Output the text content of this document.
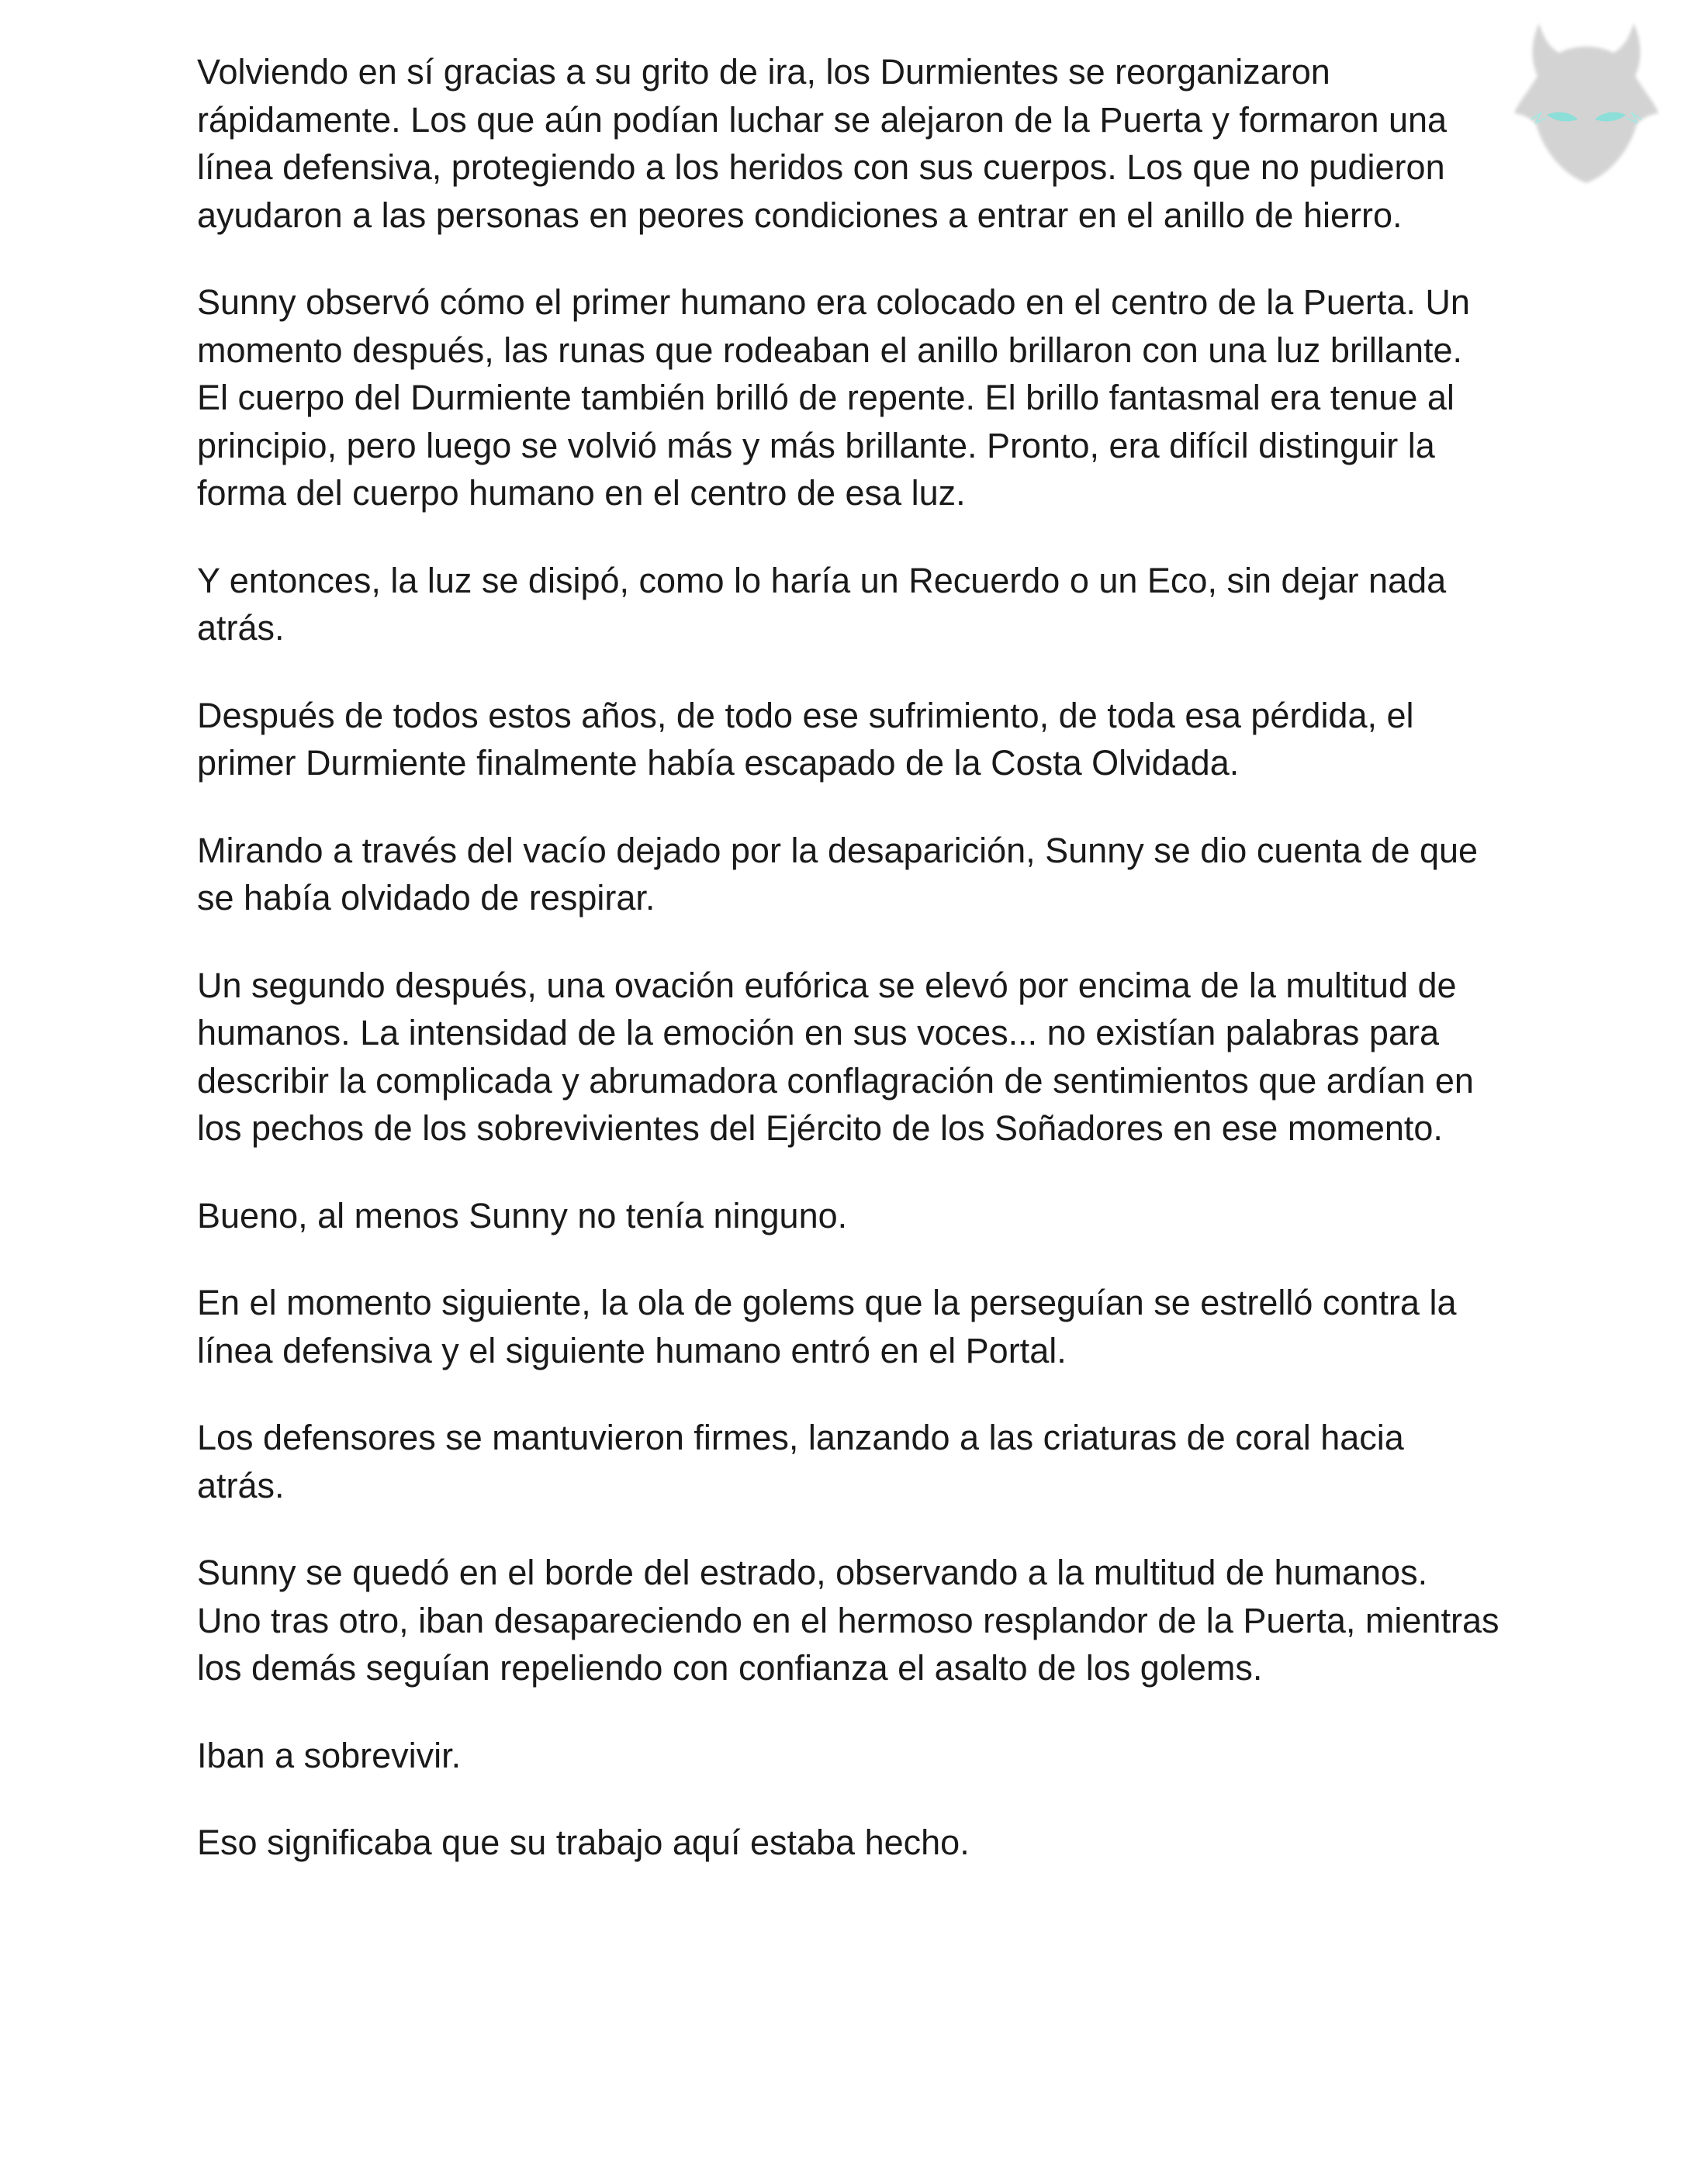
Volviendo en sí gracias a su grito de ira, los Durmientes se reorganizaron rápidamente. Los que aún podían luchar se alejaron de la Puerta y formaron una línea defensiva, protegiendo a los heridos con sus cuerpos. Los que no pudieron ayudaron a las personas en peores condiciones a entrar en el anillo de hierro.

Sunny observó cómo el primer humano era colocado en el centro de la Puerta. Un momento después, las runas que rodeaban el anillo brillaron con una luz brillante. El cuerpo del Durmiente también brilló de repente. El brillo fantasmal era tenue al principio, pero luego se volvió más y más brillante. Pronto, era difícil distinguir la forma del cuerpo humano en el centro de esa luz.

Y entonces, la luz se disipó, como lo haría un Recuerdo o un Eco, sin dejar nada atrás.

Después de todos estos años, de todo ese sufrimiento, de toda esa pérdida, el primer Durmiente finalmente había escapado de la Costa Olvidada.

Mirando a través del vacío dejado por la desaparición, Sunny se dio cuenta de que se había olvidado de respirar.

Un segundo después, una ovación eufórica se elevó por encima de la multitud de humanos. La intensidad de la emoción en sus voces... no existían palabras para describir la complicada y abrumadora conflagración de sentimientos que ardían en los pechos de los sobrevivientes del Ejército de los Soñadores en ese momento.

Bueno, al menos Sunny no tenía ninguno.

En el momento siguiente, la ola de golems que la perseguían se estrelló contra la línea defensiva y el siguiente humano entró en el Portal.

Los defensores se mantuvieron firmes, lanzando a las criaturas de coral hacia atrás.

Sunny se quedó en el borde del estrado, observando a la multitud de humanos. Uno tras otro, iban desapareciendo en el hermoso resplandor de la Puerta, mientras los demás seguían repeliendo con confianza el asalto de los golems.

Iban a sobrevivir.

Eso significaba que su trabajo aquí estaba hecho.
